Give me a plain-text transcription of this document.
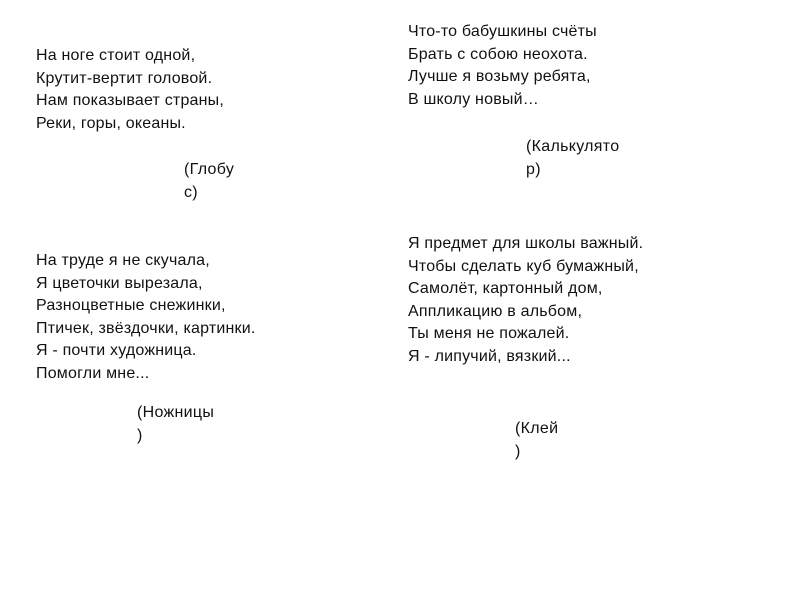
На ноге стоит одной,
Крутит-вертит головой.
Нам показывает страны,
Реки, горы, океаны.
(Глобу
с)
Что-то бабушкины счёты
Брать с собою неохота.
Лучше я возьму ребята,
В школу новый…
(Калькулято
р)
На труде я не скучала,
Я цветочки вырезала,
Разноцветные снежинки,
Птичек, звёздочки, картинки.
Я - почти художница.
Помогли мне...
(Ножницы
)
Я предмет для школы важный.
Чтобы сделать куб бумажный,
Самолёт, картонный дом,
Аппликацию в альбом,
Ты меня не пожалей.
Я - липучий, вязкий...
(Клей
)
